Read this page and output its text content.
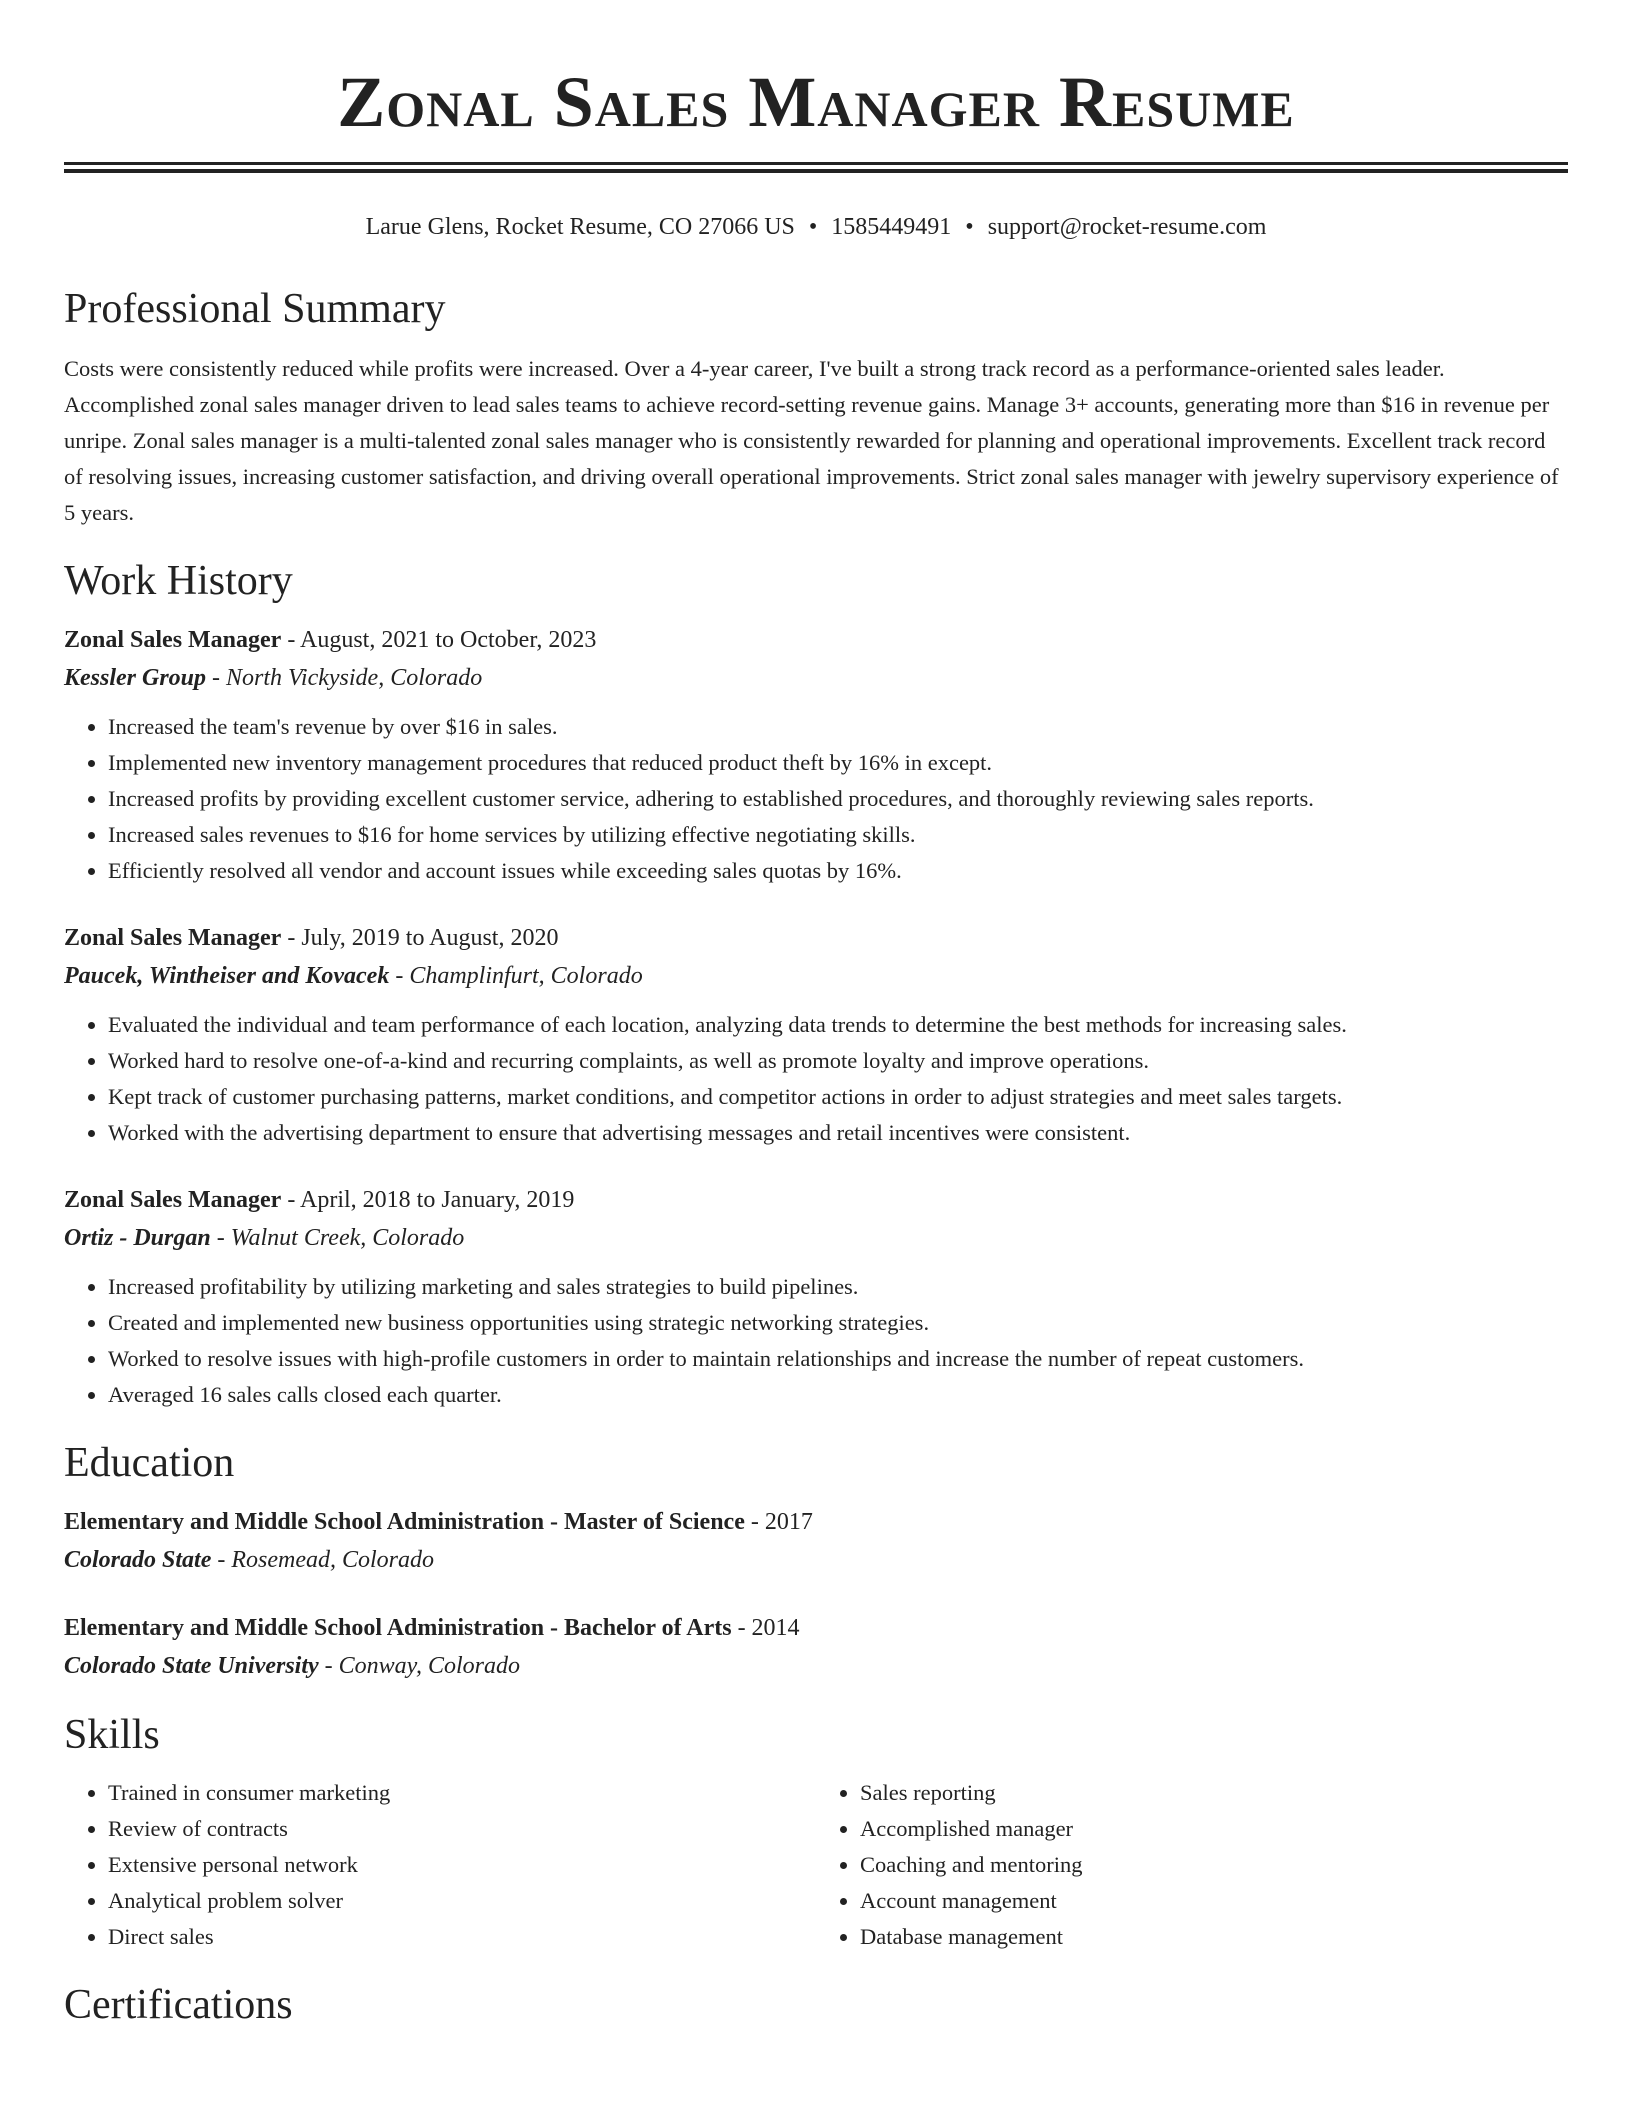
Zonal Sales Manager Resume
Larue Glens, Rocket Resume, CO 27066 US • 1585449491 • support@rocket-resume.com
Professional Summary

Costs were consistently reduced while profits were increased. Over a 4-year career, I've built a strong track record as a performance-oriented sales leader. Accomplished zonal sales manager driven to lead sales teams to achieve record-setting revenue gains. Manage 3+ accounts, generating more than $16 in revenue per unripe. Zonal sales manager is a multi-talented zonal sales manager who is consistently rewarded for planning and operational improvements. Excellent track record of resolving issues, increasing customer satisfaction, and driving overall operational improvements. Strict zonal sales manager with jewelry supervisory experience of 5 years.

Work History
Zonal Sales Manager - August, 2021 to October, 2023
Kessler Group - North Vickyside, Colorado
• Increased the team's revenue by over $16 in sales.
• Implemented new inventory management procedures that reduced product theft by 16% in except.
• Increased profits by providing excellent customer service, adhering to established procedures, and thoroughly reviewing sales reports.
• Increased sales revenues to $16 for home services by utilizing effective negotiating skills.
• Efficiently resolved all vendor and account issues while exceeding sales quotas by 16%.
Zonal Sales Manager - July, 2019 to August, 2020
Paucek, Wintheiser and Kovacek - Champlinfurt, Colorado
• Evaluated the individual and team performance of each location, analyzing data trends to determine the best methods for increasing sales.
• Worked hard to resolve one-of-a-kind and recurring complaints, as well as promote loyalty and improve operations.
• Kept track of customer purchasing patterns, market conditions, and competitor actions in order to adjust strategies and meet sales targets.
• Worked with the advertising department to ensure that advertising messages and retail incentives were consistent.
Zonal Sales Manager - April, 2018 to January, 2019
Ortiz - Durgan - Walnut Creek, Colorado
• Increased profitability by utilizing marketing and sales strategies to build pipelines.
• Created and implemented new business opportunities using strategic networking strategies.
• Worked to resolve issues with high-profile customers in order to maintain relationships and increase the number of repeat customers.
• Averaged 16 sales calls closed each quarter.
Education
Elementary and Middle School Administration - Master of Science - 2017
Colorado State - Rosemead, Colorado
Elementary and Middle School Administration - Bachelor of Arts - 2014
Colorado State University - Conway, Colorado
Skills
• Trained in consumer marketing
• Review of contracts
• Extensive personal network
• Analytical problem solver
• Direct sales
• Sales reporting
• Accomplished manager
• Coaching and mentoring
• Account management
• Database management
Certifications
